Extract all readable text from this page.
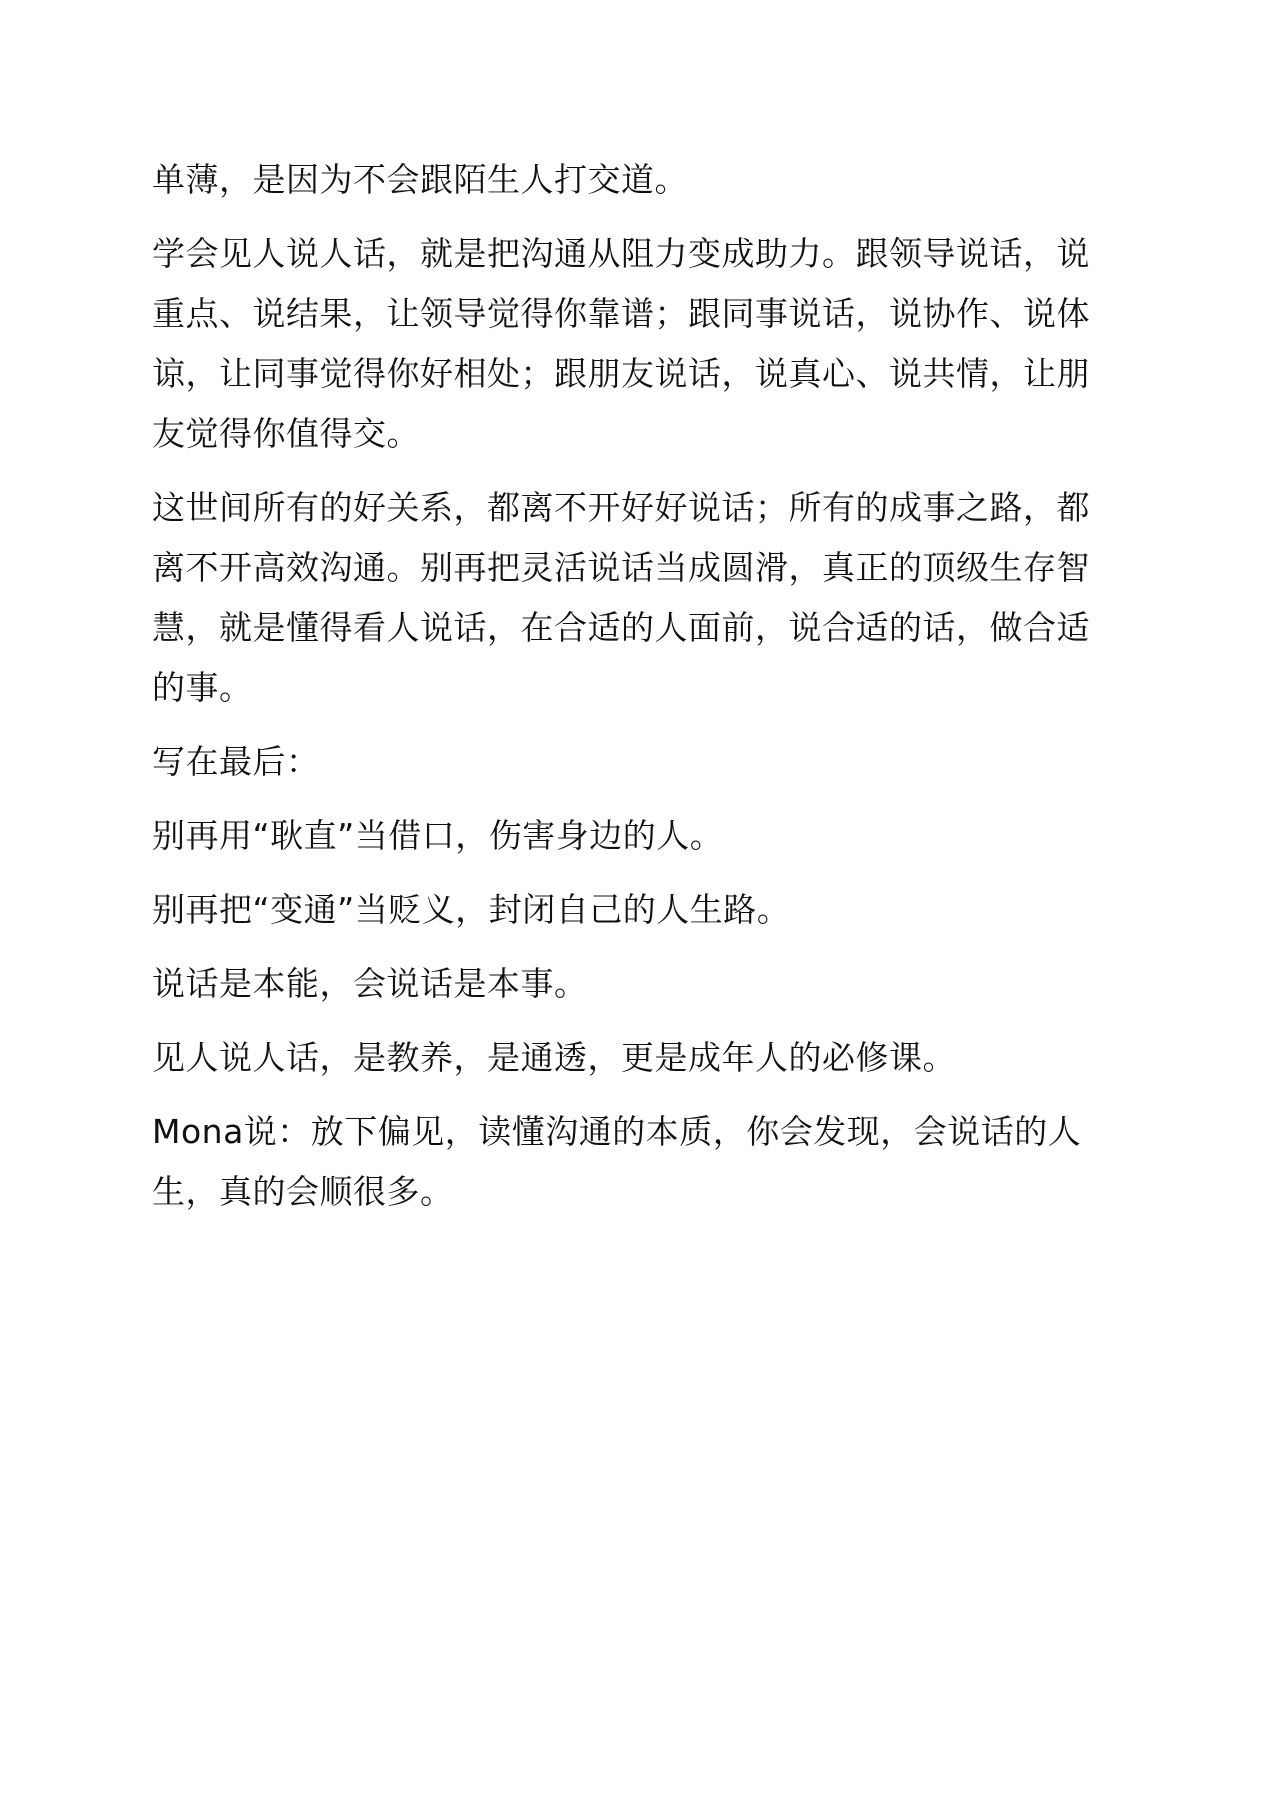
单薄，是因为不会跟陌生人打交道。

学会见人说人话，就是把沟通从阻力变成助力。跟领导说话，说重点、说结果，让领导觉得你靠谱；跟同事说话，说协作、说体谅，让同事觉得你好相处；跟朋友说话，说真心、说共情，让朋友觉得你值得交。

这世间所有的好关系，都离不开好好说话；所有的成事之路，都离不开高效沟通。别再把灵活说话当成圆滑，真正的顶级生存智慧，就是懂得看人说话，在合适的人面前，说合适的话，做合适的事。

写在最后：

别再用“耿直”当借口，伤害身边的人。

别再把“变通”当贬义，封闭自己的人生路。

说话是本能，会说话是本事。

见人说人话，是教养，是通透，更是成年人的必修课。

Mona说：放下偏见，读懂沟通的本质，你会发现，会说话的人生，真的会顺很多。
